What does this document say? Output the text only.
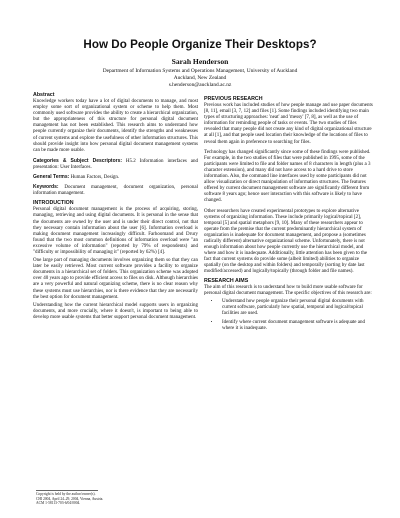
How Do People Organize Their Desktops?
Sarah Henderson
Department of Information Systems and Operations Management, University of Auckland
Auckland, New Zealand
s.henderson@auckland.ac.nz
Abstract

Knowledge workers today have a lot of digital documents to manage, and most employ some sort of organizational system or scheme to help them. Most commonly used software provides the ability to create a hierarchical organization, but the appropriateness of this structure for personal digital document management has not been established. This research aims to understand how people currently organize their documents, identify the strengths and weaknesses of current systems and explore the usefulness of other information structures. This should provide insight into how personal digital document management systems can be made more usable.

Categories & Subject Descriptors: H5.2 Information interfaces and presentation: User Interfaces.

General Terms: Human Factors, Design.

Keywords: Document management, document organization, personal information management.

INTRODUCTION

Personal digital document management is the process of acquiring, storing, managing, retrieving and using digital documents. It is personal in the sense that the documents are owned by the user and is under their direct control, not that they necessary contain information about the user [6]. Information overload is making document management increasingly difficult. Farhoomand and Drury found that the two most common definitions of information overload were "an excessive volume of information" (reported by 79% of respondents) and "difficulty or impossibility of managing it" (reported by 62%) [4].

One large part of managing documents involves organizing them so that they can later be easily retrieved. Most current software provides a facility to organize documents in a hierarchical set of folders. This organization scheme was adopted over 40 years ago to provide efficient access to files on disk. Although hierarchies are a very powerful and natural organizing scheme, there is no clear reason why these systems must use hierarchies, nor is there evidence that they are necessarily the best option for document management.

Understanding how the current hierarchical model supports users in organizing documents, and more crucially, where it doesn't, is important to being able to develop more usable systems that better support personal document management.

Copyright is held by the author/owner(s).
CHI 2004, April 24–29, 2004, Vienna, Austria.
ACM 1-58113-703-6/04/0004.
PREVIOUS RESEARCH

Previous work has included studies of how people manage and use paper documents [8, 11], email [3, 7, 12] and files [1]. Some findings included identifying two main types of structuring approaches: 'neat' and 'messy' [7, 8], as well as the use of information for reminding people of tasks or events. The two studies of files revealed that many people did not create any kind of digital organizational structure at all [1], and that people used location their knowledge of the locations of files to reveal them again in preference to searching for files.

Technology has changed significantly since some of these findings were published. For example, in the two studies of files that were published in 1995, some of the participants were limited to file and folder names of 8 characters in length (plus a 3 character extension), and many did not have access to a hard drive to store information. Also, the command line interfaces used by some participants did not allow visualization or direct manipulation of information structures. The features offered by current document management software are significantly different from software 8 years ago; hence user interaction with this software is likely to have changed.

Other researchers have created experimental prototypes to explore alternative systems of organizing information. These include primarily logical/topical [2], temporal [5] and spatial metaphors [9, 10]. Many of these researchers appear to operate from the premise that the current predominantly hierarchical system of organization is inadequate for document management, and propose a (sometimes radically different) alternative organizational scheme. Unfortunately, there is not enough information about how people currently use the hierarchical model, and where and how it is inadequate. Additionally, little attention has been given to the fact that current systems do provide some (albeit limited) abilities to organize spatially (on the desktop and within folders) and temporally (sorting by date last modified/accessed) and logically/topically (through folder and file names).

RESEARCH AIMS

The aim of this research is to understand how to build more usable software for personal digital document management. The specific objectives of this research are:

• Understand how people organize their personal digital documents with current software, particularly how spatial, temporal and logical/topical facilities are used.
• Identify where current document management software is adequate and where it is inadequate.
